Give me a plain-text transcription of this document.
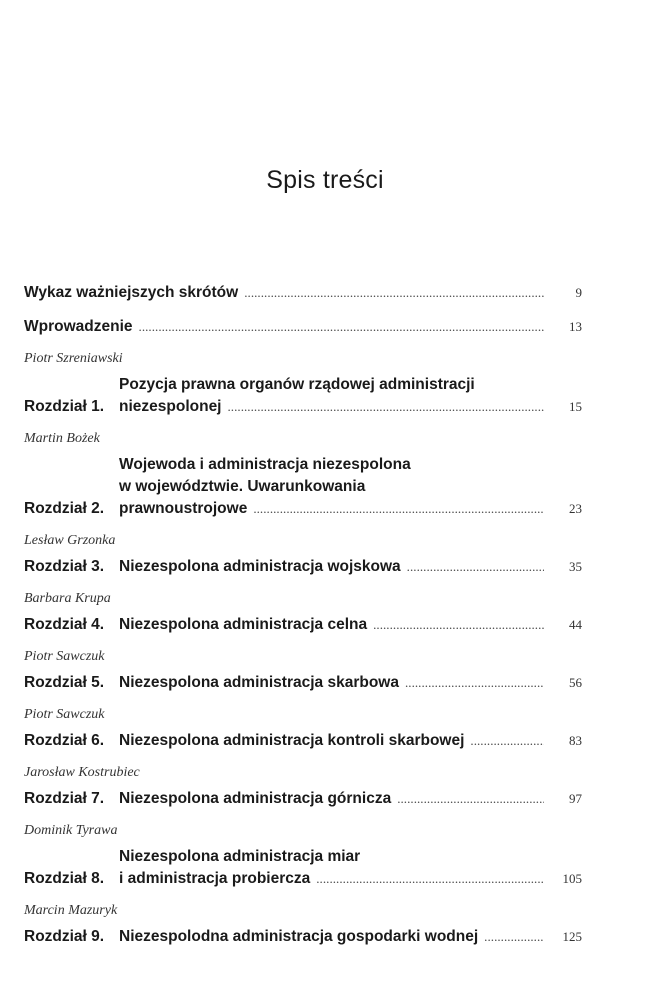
Spis treści
Wykaz ważniejszych skrótów . . .	9
Wprowadzenie . . .	13
Piotr Szreniawski
Rozdział 1.
Pozycja prawna organów rządowej administracji
niezespolonej . . .	15
Martin Bożek
Rozdział 2.
Wojewoda i administracja niezespolona
w województwie. Uwarunkowania
prawnoustrojowe . . .	23
Lesław Grzonka
Rozdział 3. Niezespolona administracja wojskowa . . .	35
Barbara Krupa
Rozdział 4. Niezespolona administracja celna . . .	44
Piotr Sawczuk
Rozdział 5. Niezespolona administracja skarbowa . . .	56
Piotr Sawczuk
Rozdział 6. Niezespolona administracja kontroli skarbowej . . .	83
Jarosław Kostrubiec
Rozdział 7. Niezespolona administracja górnicza . . .	97
Dominik Tyrawa
Rozdział 8.
Niezespolona administracja miar
i administracja probiercza . . .	105
Marcin Mazuryk
Rozdział 9. Niezespolodna administracja gospodarki wodnej . . .	125
